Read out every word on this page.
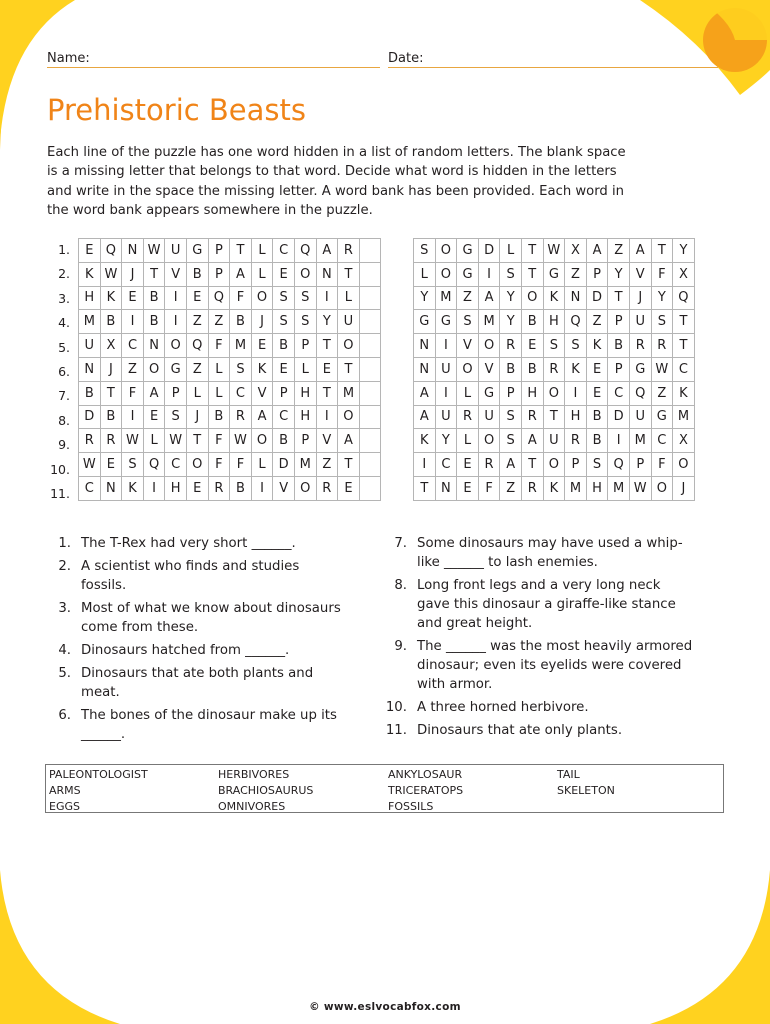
Name:	Date:
Prehistoric Beasts

Each line of the puzzle has one word hidden in a list of random letters. The blank space is a missing letter that belongs to that word. Decide what word is hidden in the letters and write in the space the missing letter. A word bank has been provided. Each word in the word bank appears somewhere in the puzzle.

1.
2.
3.
4.
5.
6.
7.
8.
9.
10.
11.
E	Q	N	W	U	G	P	T	L	C	Q	A	R	
K	W	J	T	V	B	P	A	L	E	O	N	T	
H	K	E	B	I	E	Q	F	O	S	S	I	L	
M	B	I	B	I	Z	Z	B	J	S	S	Y	U	
U	X	C	N	O	Q	F	M	E	B	P	T	O	
N	J	Z	O	G	Z	L	S	K	E	L	E	T	
B	T	F	A	P	L	L	C	V	P	H	T	M	
D	B	I	E	S	J	B	R	A	C	H	I	O	
R	R	W	L	W	T	F	W	O	B	P	V	A	
W	E	S	Q	C	O	F	F	L	D	M	Z	T	
C	N	K	I	H	E	R	B	I	V	O	R	E	
S	O	G	D	L	T	W	X	A	Z	A	T	Y
L	O	G	I	S	T	G	Z	P	Y	V	F	X
Y	M	Z	A	Y	O	K	N	D	T	J	Y	Q
G	G	S	M	Y	B	H	Q	Z	P	U	S	T
N	I	V	O	R	E	S	S	K	B	R	R	T
N	U	O	V	B	B	R	K	E	P	G	W	C
A	I	L	G	P	H	O	I	E	C	Q	Z	K
A	U	R	U	S	R	T	H	B	D	U	G	M
K	Y	L	O	S	A	U	R	B	I	M	C	X
I	C	E	R	A	T	O	P	S	Q	P	F	O
T	N	E	F	Z	R	K	M	H	M	W	O	J
1. The T-Rex had very short ______.
2. A scientist who finds and studies fossils.
3. Most of what we know about dinosaurs come from these.
4. Dinosaurs hatched from ______.
5. Dinosaurs that ate both plants and meat.
6. The bones of the dinosaur make up its ______.
7. Some dinosaurs may have used a whip-like ______ to lash enemies.
8. Long front legs and a very long neck gave this dinosaur a giraffe-like stance and great height.
9. The ______ was the most heavily armored dinosaur; even its eyelids were covered with armor.
10. A three horned herbivore.
11. Dinosaurs that ate only plants.
PALEONTOLOGIST
ARMS
EGGS
HERBIVORES
BRACHIOSAURUS
OMNIVORES
ANKYLOSAUR
TRICERATOPS
FOSSILS
TAIL
SKELETON
© www.eslvocabfox.com
